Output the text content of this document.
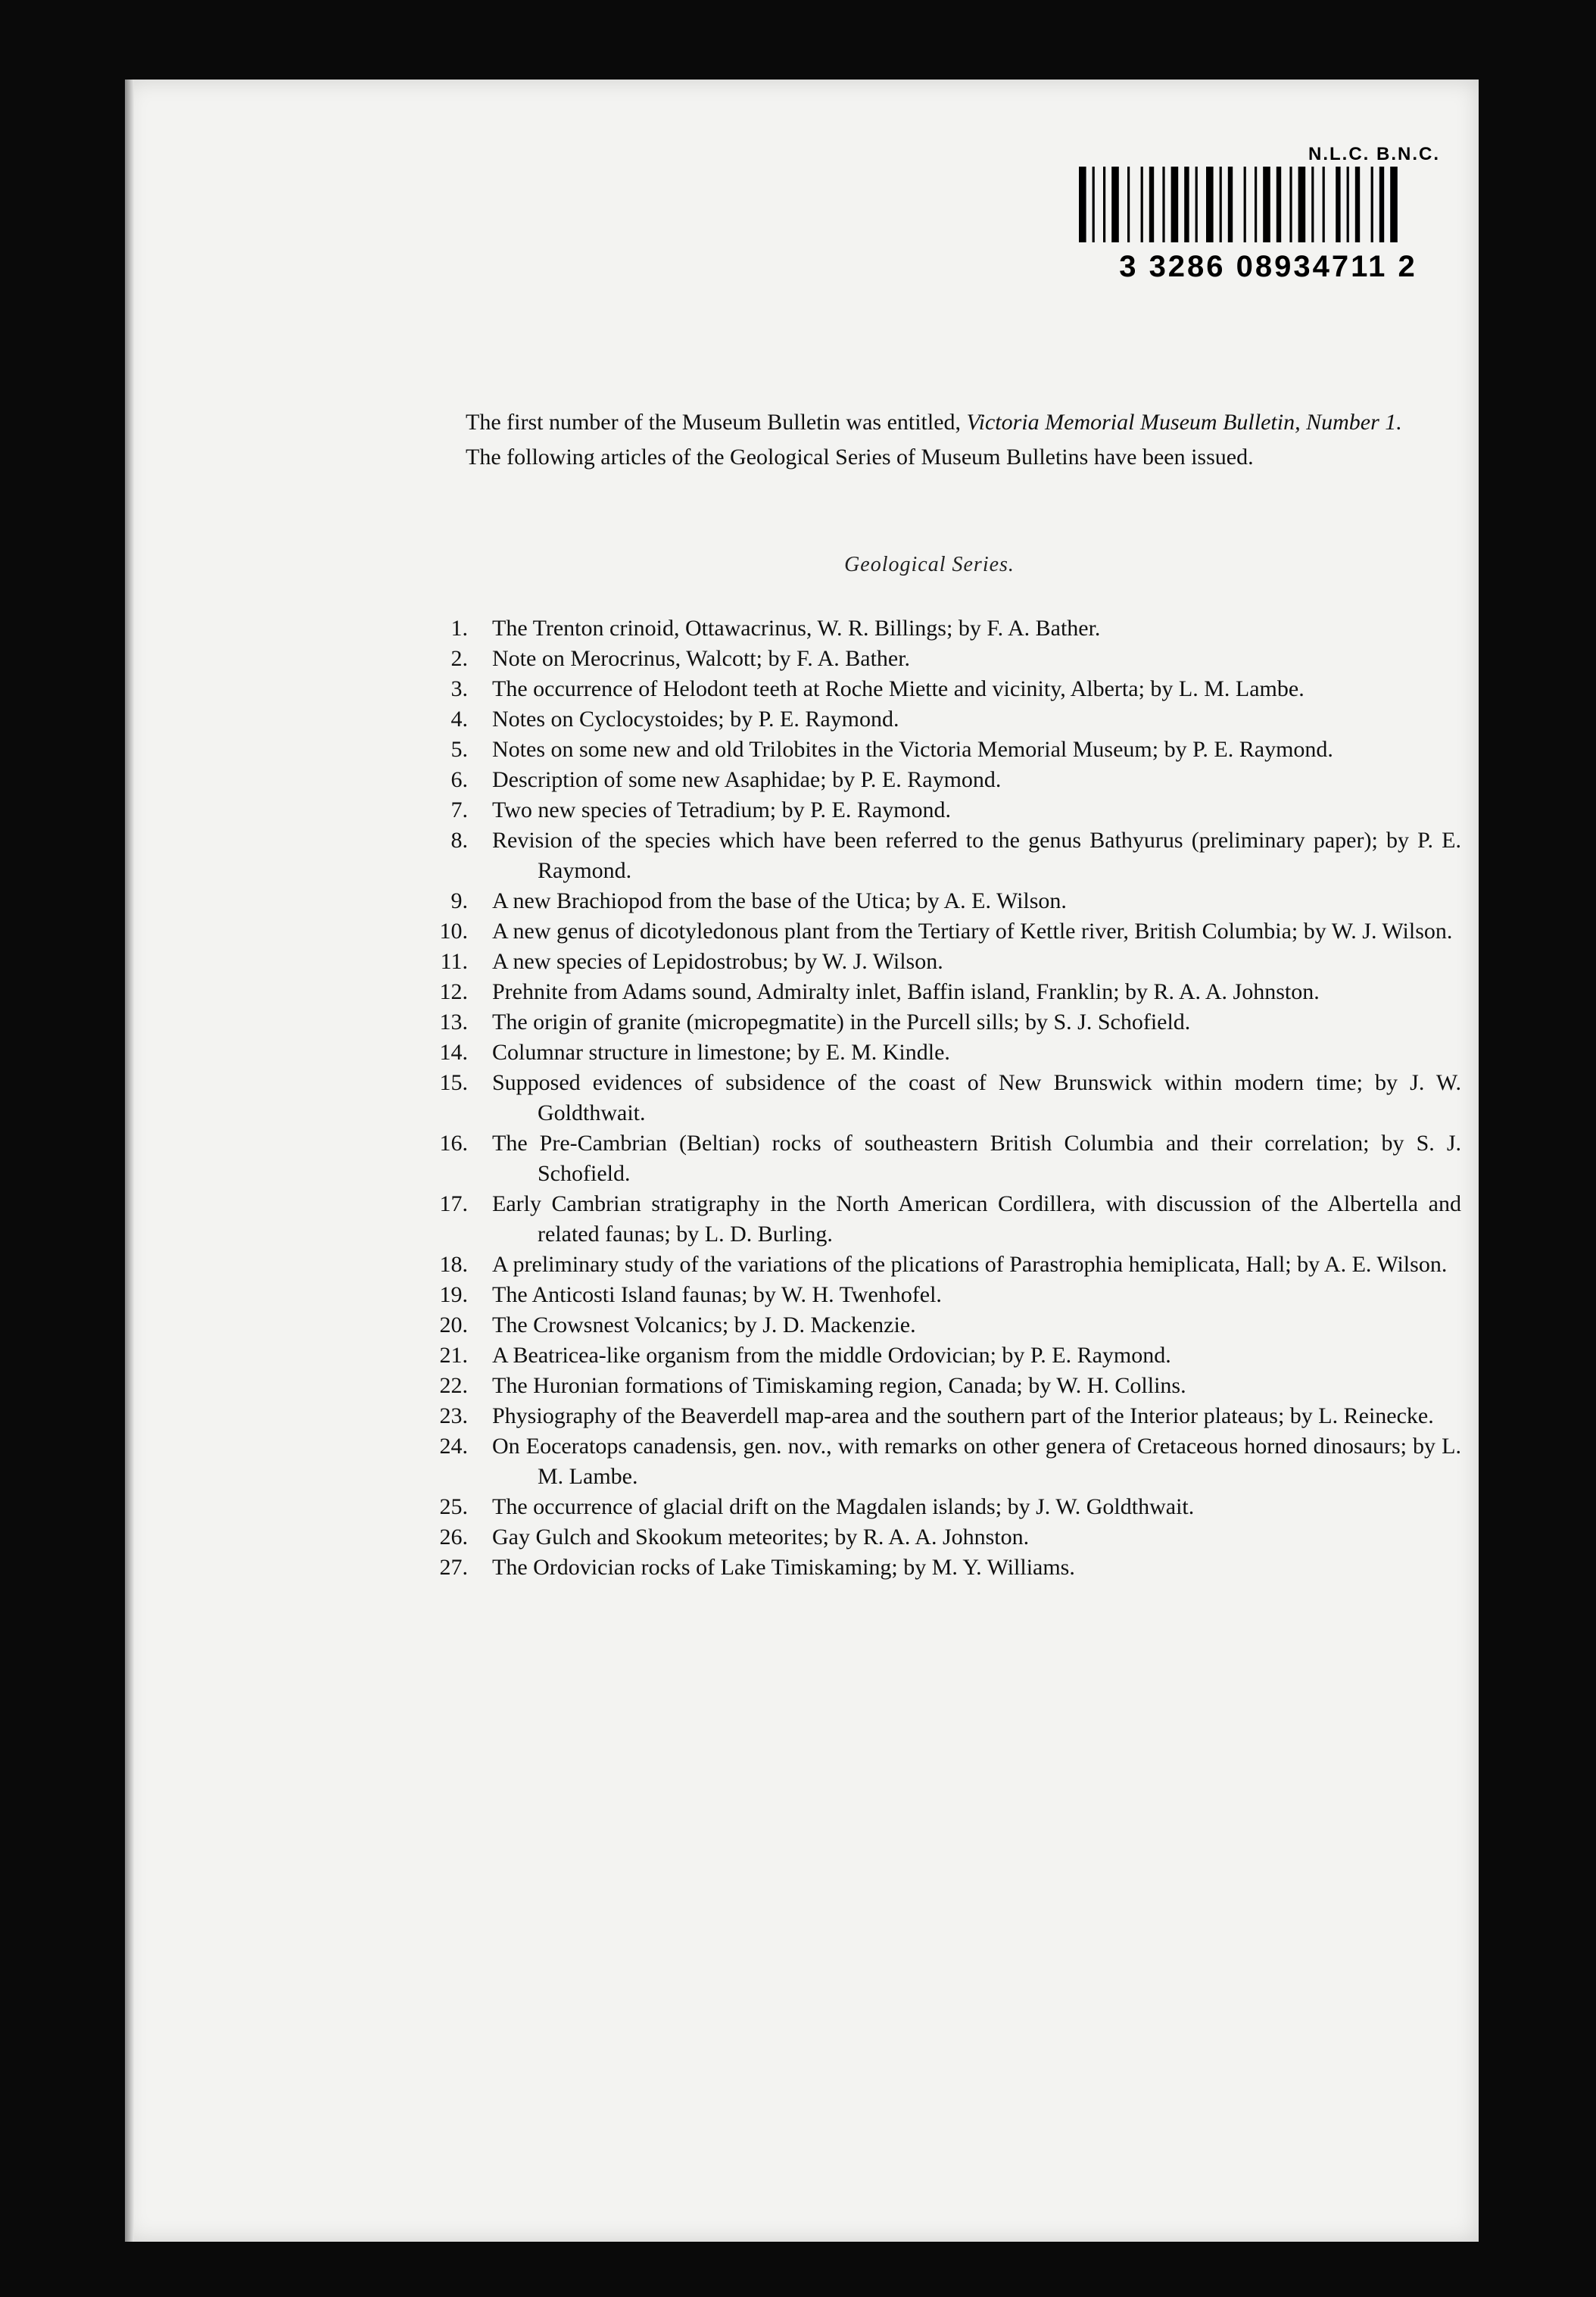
N.L.C. B.N.C.
3 3286 08934711 2

The first number of the Museum Bulletin was entitled, Victoria Memorial Museum Bulletin, Number 1.

The following articles of the Geological Series of Museum Bulletins have been issued.

Geological Series.
1. The Trenton crinoid, Ottawacrinus, W. R. Billings; by F. A. Bather.
2. Note on Merocrinus, Walcott; by F. A. Bather.
3. The occurrence of Helodont teeth at Roche Miette and vicinity, Alberta; by L. M. Lambe.
4. Notes on Cyclocystoides; by P. E. Raymond.
5. Notes on some new and old Trilobites in the Victoria Memorial Museum; by P. E. Raymond.
6. Description of some new Asaphidae; by P. E. Raymond.
7. Two new species of Tetradium; by P. E. Raymond.
8. Revision of the species which have been referred to the genus Bathyurus (preliminary paper); by P. E. Raymond.
9. A new Brachiopod from the base of the Utica; by A. E. Wilson.
10. A new genus of dicotyledonous plant from the Tertiary of Kettle river, British Columbia; by W. J. Wilson.
11. A new species of Lepidostrobus; by W. J. Wilson.
12. Prehnite from Adams sound, Admiralty inlet, Baffin island, Franklin; by R. A. A. Johnston.
13. The origin of granite (micropegmatite) in the Purcell sills; by S. J. Schofield.
14. Columnar structure in limestone; by E. M. Kindle.
15. Supposed evidences of subsidence of the coast of New Brunswick within modern time; by J. W. Goldthwait.
16. The Pre-Cambrian (Beltian) rocks of southeastern British Columbia and their correlation; by S. J. Schofield.
17. Early Cambrian stratigraphy in the North American Cordillera, with discussion of the Albertella and related faunas; by L. D. Burling.
18. A preliminary study of the variations of the plications of Parastrophia hemiplicata, Hall; by A. E. Wilson.
19. The Anticosti Island faunas; by W. H. Twenhofel.
20. The Crowsnest Volcanics; by J. D. Mackenzie.
21. A Beatricea-like organism from the middle Ordovician; by P. E. Raymond.
22. The Huronian formations of Timiskaming region, Canada; by W. H. Collins.
23. Physiography of the Beaverdell map-area and the southern part of the Interior plateaus; by L. Reinecke.
24. On Eoceratops canadensis, gen. nov., with remarks on other genera of Cretaceous horned dinosaurs; by L. M. Lambe.
25. The occurrence of glacial drift on the Magdalen islands; by J. W. Goldthwait.
26. Gay Gulch and Skookum meteorites; by R. A. A. Johnston.
27. The Ordovician rocks of Lake Timiskaming; by M. Y. Williams.
